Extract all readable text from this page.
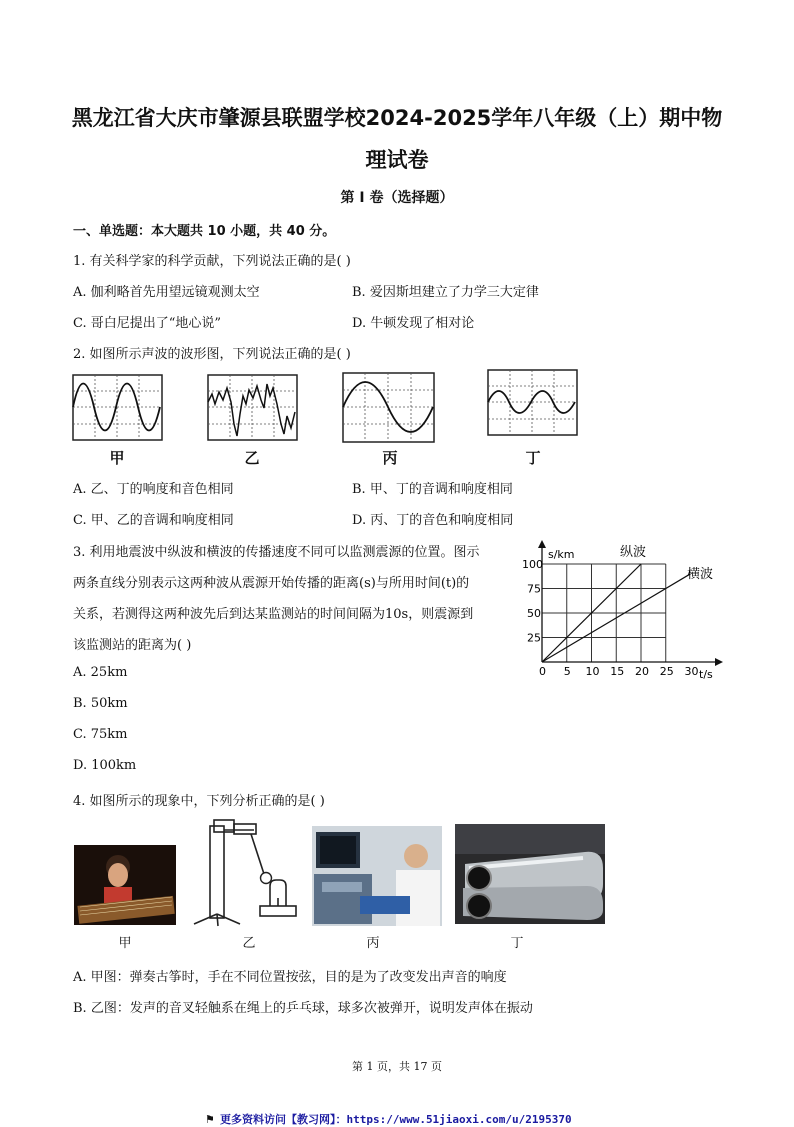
黑龙江省大庆市肇源县联盟学校2024-2025学年八年级（上）期中物
理试卷
第 I 卷（选择题）
一、单选题：本大题共 10 小题，共 40 分。
1. 有关科学家的科学贡献，下列说法正确的是( )
A. 伽利略首先用望远镜观测太空	B. 爱因斯坦建立了力学三大定律
C. 哥白尼提出了“地心说”	D. 牛顿发现了相对论
2. 如图所示声波的波形图，下列说法正确的是( )
甲	乙	丙	丁
A. 乙、丁的响度和音色相同	B. 甲、丁的音调和响度相同
C. 甲、乙的音调和响度相同	D. 丙、丁的音色和响度相同
3. 利用地震波中纵波和横波的传播速度不同可以监测震源的位置。图示
两条直线分别表示这两种波从震源开始传播的距离(s)与所用时间(t)的
关系，若测得这两种波先后到达某监测站的时间间隔为10s，则震源到
该监测站的距离为( )
A. 25km
B. 50km
C. 75km
D. 100km
0 5 10 15 20 25 30
25
50
75
100
s/km
t/s
纵波
横波
4. 如图所示的现象中，下列分析正确的是( )
甲	乙	丙	丁
A. 甲图：弹奏古筝时，手在不同位置按弦，目的是为了改变发出声音的响度
B. 乙图：发声的音叉轻触系在绳上的乒乓球，球多次被弹开，说明发声体在振动
第 1 页，共 17 页
⚑ 更多资料访问【教习网】：https://www.51jiaoxi.com/u/2195370
